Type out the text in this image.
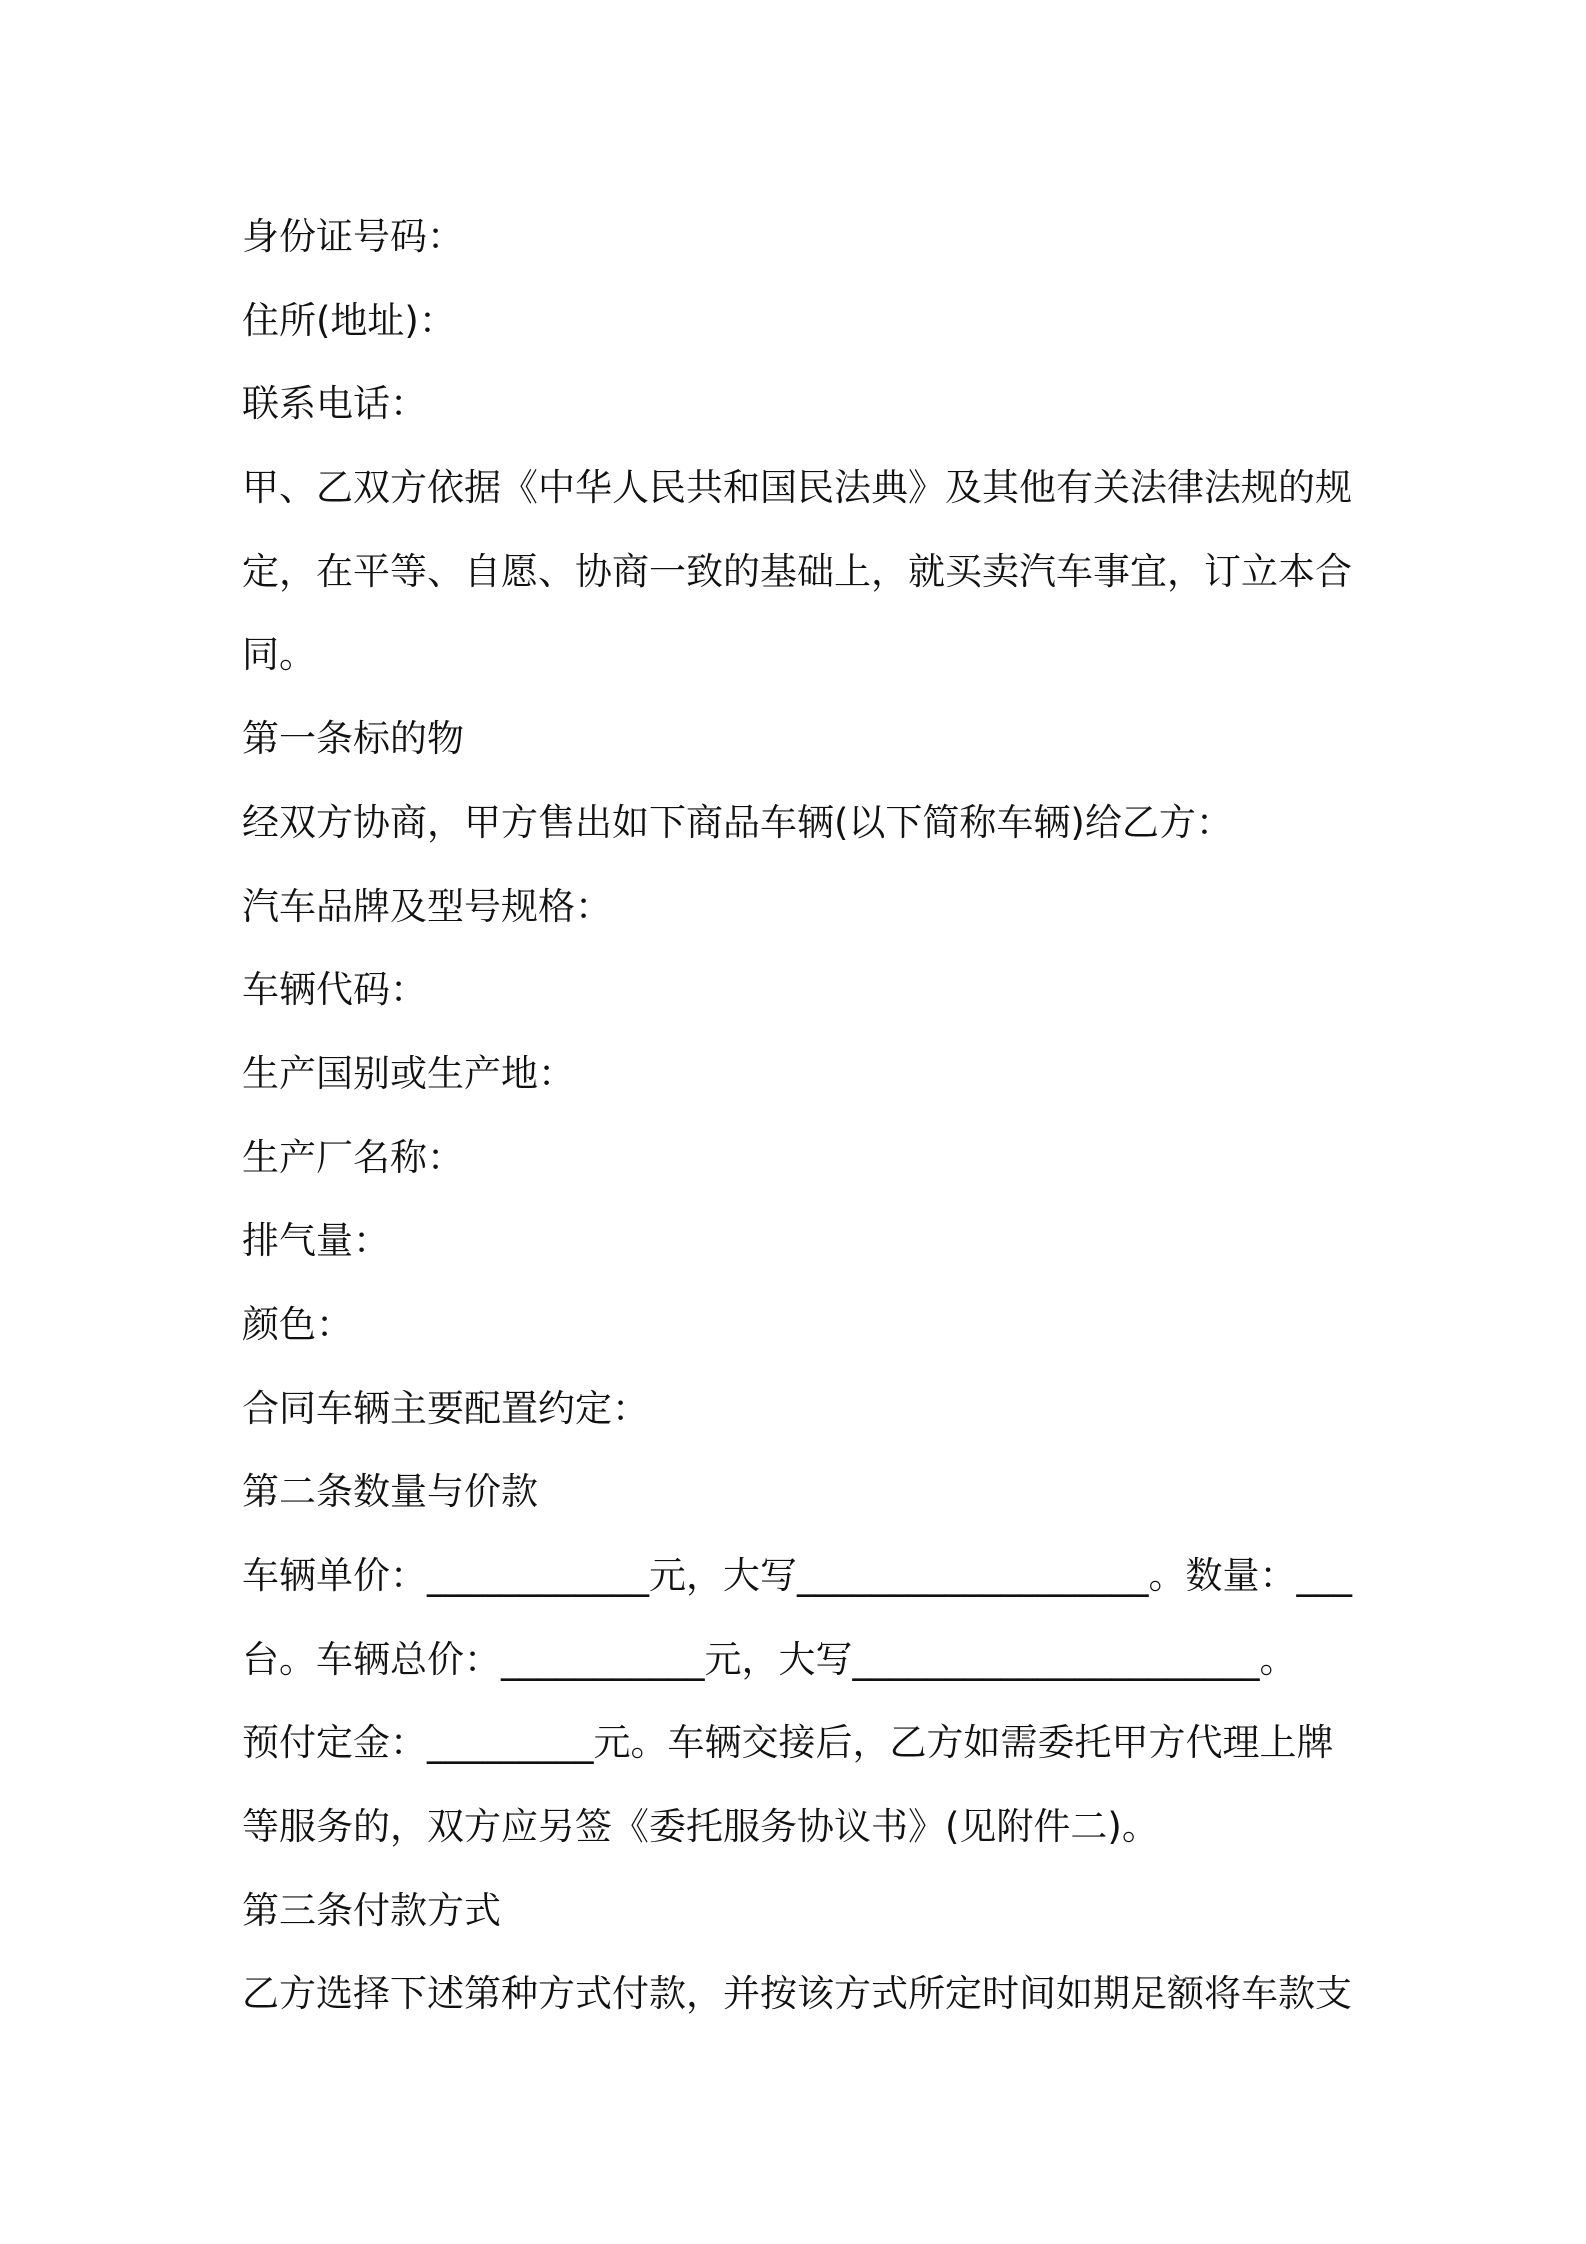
身份证号码：
住所(地址)：
联系电话：
甲、乙双方依据《中华人民共和国民法典》及其他有关法律法规的规
定，在平等、自愿、协商一致的基础上，就买卖汽车事宜，订立本合
同。
第一条标的物
经双方协商，甲方售出如下商品车辆(以下简称车辆)给乙方：
汽车品牌及型号规格：
车辆代码：
生产国别或生产地：
生产厂名称：
排气量：
颜色：
合同车辆主要配置约定：
第二条数量与价款
车辆单价：____________元，大写___________________。数量：___
台。车辆总价：___________元，大写______________________。
预付定金：_________元。车辆交接后，乙方如需委托甲方代理上牌
等服务的，双方应另签《委托服务协议书》(见附件二)。
第三条付款方式
乙方选择下述第种方式付款，并按该方式所定时间如期足额将车款支
